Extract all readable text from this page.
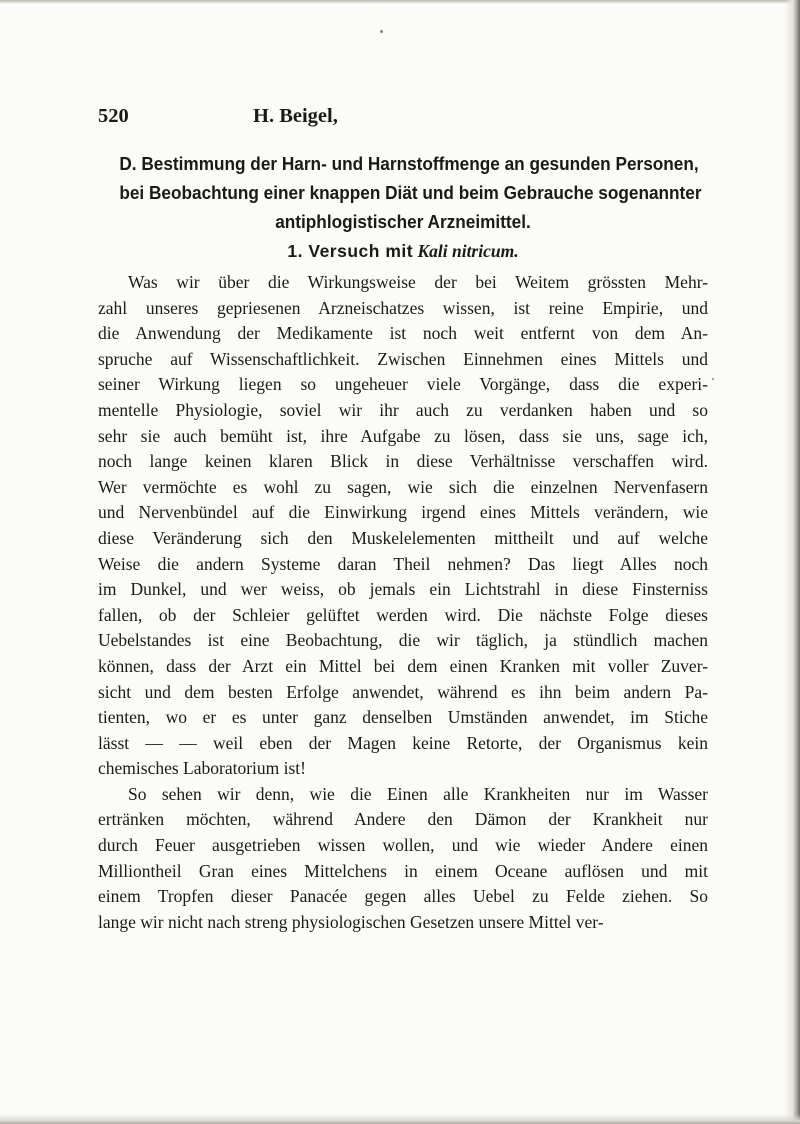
520	H. Beigel,
D. Bestimmung der Harn- und Harnstoffmenge an gesunden Personen,
bei Beobachtung einer knappen Diät und beim Gebrauche sogenannter
antiphlogistischer Arzneimittel.
1. Versuch mit Kali nitricum.
Was wir über die Wirkungsweise der bei Weitem grössten Mehr-
zahl unseres gepriesenen Arzneischatzes wissen, ist reine Empirie, und
die Anwendung der Medikamente ist noch weit entfernt von dem An-
spruche auf Wissenschaftlichkeit. Zwischen Einnehmen eines Mittels und
seiner Wirkung liegen so ungeheuer viele Vorgänge, dass die experi-
mentelle Physiologie, soviel wir ihr auch zu verdanken haben und so
sehr sie auch bemüht ist, ihre Aufgabe zu lösen, dass sie uns, sage ich,
noch lange keinen klaren Blick in diese Verhältnisse verschaffen wird.
Wer vermöchte es wohl zu sagen, wie sich die einzelnen Nervenfasern
und Nervenbündel auf die Einwirkung irgend eines Mittels verändern, wie
diese Veränderung sich den Muskelelementen mittheilt und auf welche
Weise die andern Systeme daran Theil nehmen? Das liegt Alles noch
im Dunkel, und wer weiss, ob jemals ein Lichtstrahl in diese Finsterniss
fallen, ob der Schleier gelüftet werden wird. Die nächste Folge dieses
Uebelstandes ist eine Beobachtung, die wir täglich, ja stündlich machen
können, dass der Arzt ein Mittel bei dem einen Kranken mit voller Zuver-
sicht und dem besten Erfolge anwendet, während es ihn beim andern Pa-
tienten, wo er es unter ganz denselben Umständen anwendet, im Stiche
lässt — — weil eben der Magen keine Retorte, der Organismus kein
chemisches Laboratorium ist!
So sehen wir denn, wie die Einen alle Krankheiten nur im Wasser
ertränken möchten, während Andere den Dämon der Krankheit nur
durch Feuer ausgetrieben wissen wollen, und wie wieder Andere einen
Milliontheil Gran eines Mittelchens in einem Oceane auflösen und mit
einem Tropfen dieser Panacée gegen alles Uebel zu Felde ziehen. So
lange wir nicht nach streng physiologischen Gesetzen unsere Mittel ver-
